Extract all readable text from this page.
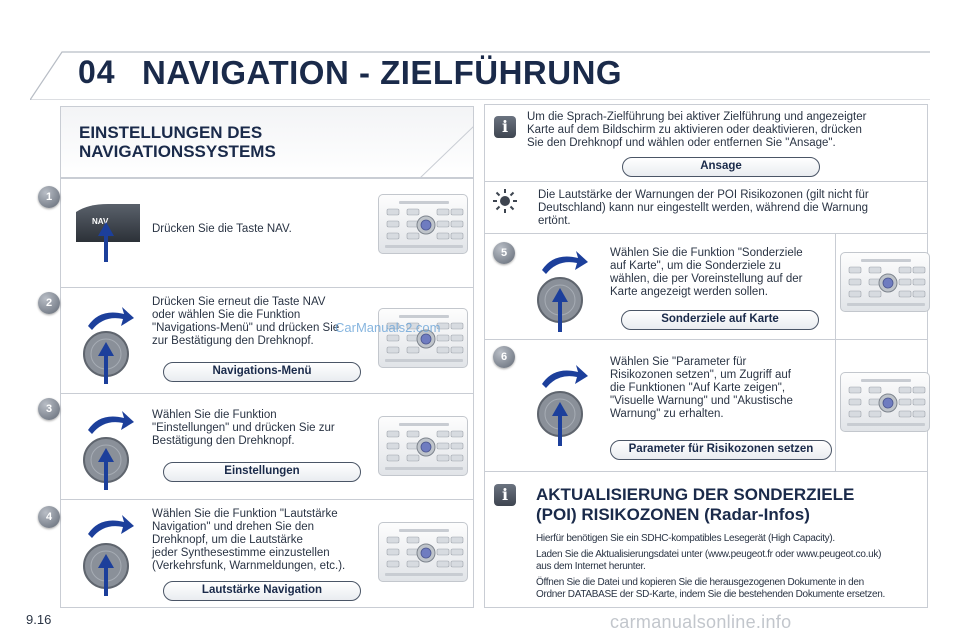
04 NAVIGATION - ZIELFÜHRUNG
EINSTELLUNGEN DES
NAVIGATIONSSYSTEMS
1
NAV
Drücken Sie die Taste NAV.
2	Drücken Sie erneut die Taste NAV
oder wählen Sie die Funktion
"Navigations-Menü" und drücken Sie
zur Bestätigung den Drehknopf.
Navigations-Menü
3	Wählen Sie die Funktion
"Einstellungen" und drücken Sie zur
Bestätigung den Drehknopf.
Einstellungen
4	Wählen Sie die Funktion "Lautstärke
Navigation" und drehen Sie den
Drehknopf, um die Lautstärke
jeder Synthesestimme einzustellen
(Verkehrsfunk, Warnmeldungen, etc.).
Lautstärke Navigation
CarManuals2.com
i	Um die Sprach-Zielführung bei aktiver Zielführung und angezeigter
Karte auf dem Bildschirm zu aktivieren oder deaktivieren, drücken
Sie den Drehknopf und wählen oder entfernen Sie "Ansage".
Ansage
Die Lautstärke der Warnungen der POI Risikozonen (gilt nicht für
Deutschland) kann nur eingestellt werden, während die Warnung
ertönt.
5	Wählen Sie die Funktion "Sonderziele
auf Karte", um die Sonderziele zu
wählen, die per Voreinstellung auf der
Karte angezeigt werden sollen.
Sonderziele auf Karte
6	Wählen Sie "Parameter für
Risikozonen setzen", um Zugriff auf
die Funktionen "Auf Karte zeigen",
"Visuelle Warnung" und "Akustische
Warnung" zu erhalten.
Parameter für Risikozonen setzen
i	AKTUALISIERUNG DER SONDERZIELE
(POI) RISIKOZONEN (Radar-Infos)
Hierfür benötigen Sie ein SDHC-kompatibles Lesegerät (High Capacity).
Laden Sie die Aktualisierungsdatei unter (www.peugeot.fr oder www.peugeot.co.uk)
aus dem Internet herunter.
Öffnen Sie die Datei und kopieren Sie die herausgezogenen Dokumente in den
Ordner DATABASE der SD-Karte, indem Sie die bestehenden Dokumente ersetzen.
9.16	carmanualsonline.info
